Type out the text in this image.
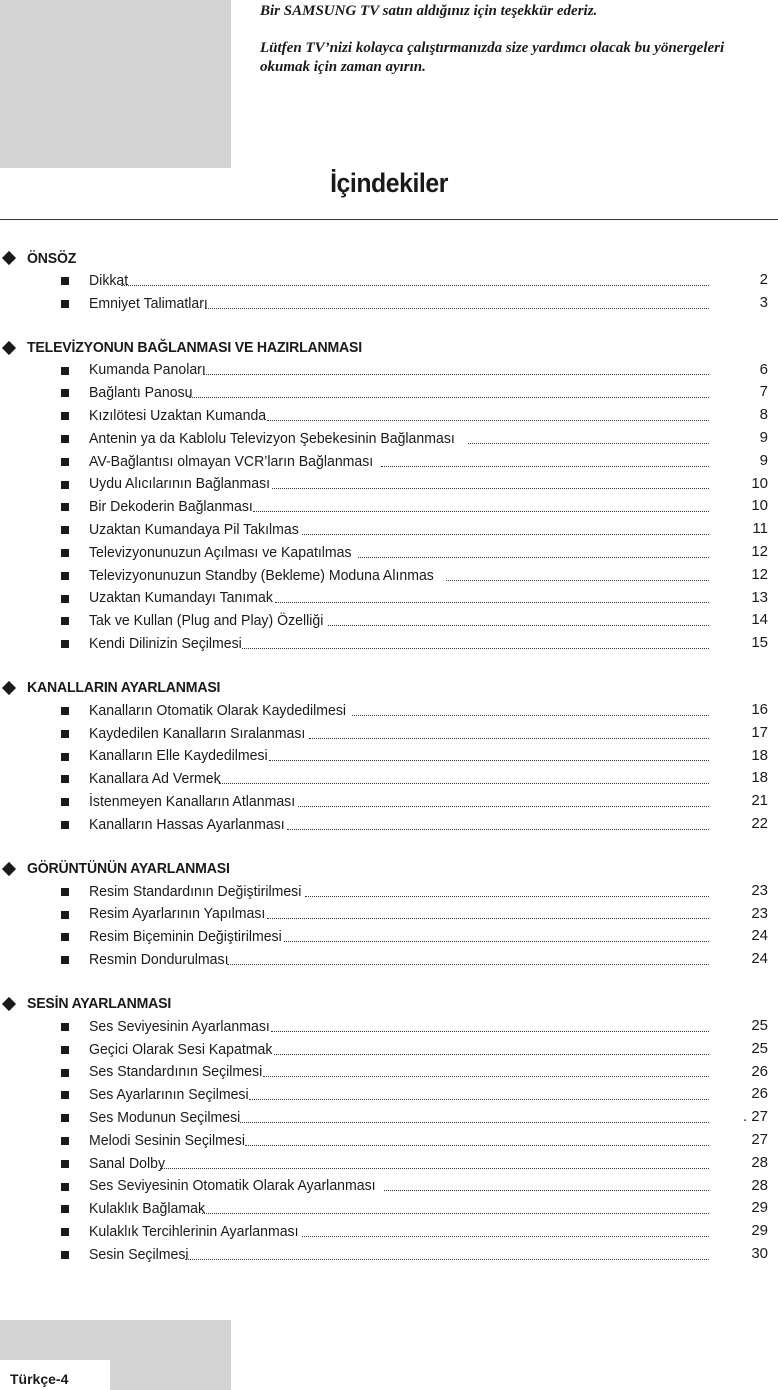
Bir SAMSUNG TV satın aldığınız için teşekkür ederiz.

Lütfen TV’nizi kolayca çalıştırmanızda size yardımcı olacak bu yönergeleri okumak için zaman ayırın.

İçindekiler
ÖNSÖZ
Dikkat	2
Emniyet Talimatları	3
TELEVİZYONUN BAĞLANMASI VE HAZIRLANMASI
Kumanda Panoları	6
Bağlantı Panosu	7
Kızılötesi Uzaktan Kumanda	8
Antenin ya da Kablolu Televizyon Şebekesinin Bağlanması	9
AV-Bağlantısı olmayan VCR’ların Bağlanması	9
Uydu Alıcılarının Bağlanması	10
Bir Dekoderin Bağlanması	10
Uzaktan Kumandaya Pil Takılmas	11
Televizyonunuzun Açılması ve Kapatılmas	12
Televizyonunuzun Standby (Bekleme) Moduna Alınmas	12
Uzaktan Kumandayı Tanımak	13
Tak ve Kullan (Plug and Play) Özelliği	14
Kendi Dilinizin Seçilmesi	15
KANALLARIN AYARLANMASI
Kanalların Otomatik Olarak Kaydedilmesi	16
Kaydedilen Kanalların Sıralanması	17
Kanalların Elle Kaydedilmesi	18
Kanallara Ad Vermek	18
İstenmeyen Kanalların Atlanması	21
Kanalların Hassas Ayarlanması	22
GÖRÜNTÜNÜN AYARLANMASI
Resim Standardının Değiştirilmesi	23
Resim Ayarlarının Yapılması	23
Resim Biçeminin Değiştirilmesi	24
Resmin Dondurulması	24
SESİN AYARLANMASI
Ses Seviyesinin Ayarlanması	25
Geçici Olarak Sesi Kapatmak	25
Ses Standardının Seçilmesi	26
Ses Ayarlarının Seçilmesi	26
Ses Modunun Seçilmesi	. 27
Melodi Sesinin Seçilmesi	27
Sanal Dolby	28
Ses Seviyesinin Otomatik Olarak Ayarlanması	28
Kulaklık Bağlamak	29
Kulaklık Tercihlerinin Ayarlanması	29
Sesin Seçilmesi	30
Türkçe-4
